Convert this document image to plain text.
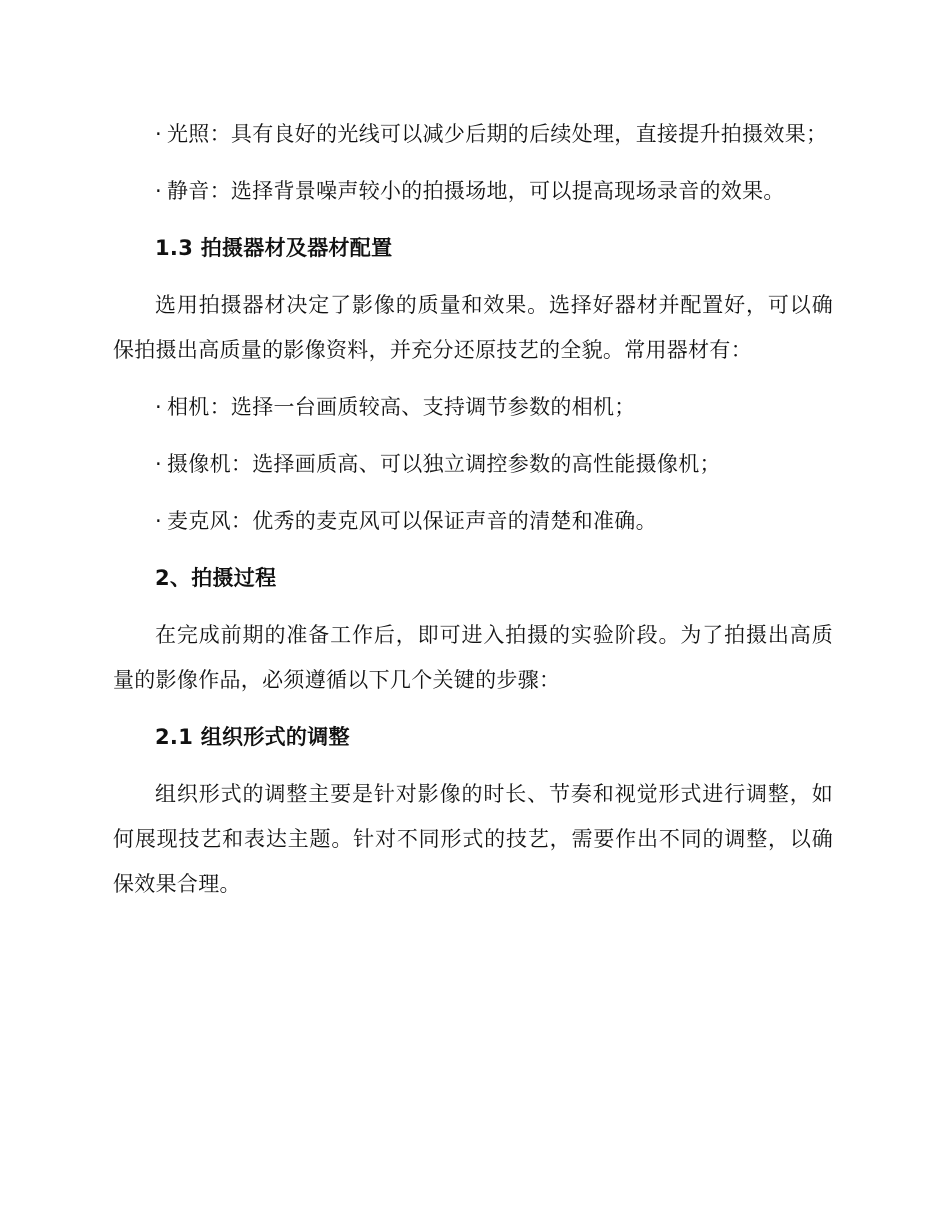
· 光照：具有良好的光线可以减少后期的后续处理，直接提升拍摄效果；

· 静音：选择背景噪声较小的拍摄场地，可以提高现场录音的效果。

1.3 拍摄器材及器材配置

选用拍摄器材决定了影像的质量和效果。选择好器材并配置好，可以确保拍摄出高质量的影像资料，并充分还原技艺的全貌。常用器材有：

· 相机：选择一台画质较高、支持调节参数的相机；

· 摄像机：选择画质高、可以独立调控参数的高性能摄像机；

· 麦克风：优秀的麦克风可以保证声音的清楚和准确。

2、拍摄过程

在完成前期的准备工作后，即可进入拍摄的实验阶段。为了拍摄出高质量的影像作品，必须遵循以下几个关键的步骤：

2.1 组织形式的调整

组织形式的调整主要是针对影像的时长、节奏和视觉形式进行调整，如何展现技艺和表达主题。针对不同形式的技艺，需要作出不同的调整，以确保效果合理。
